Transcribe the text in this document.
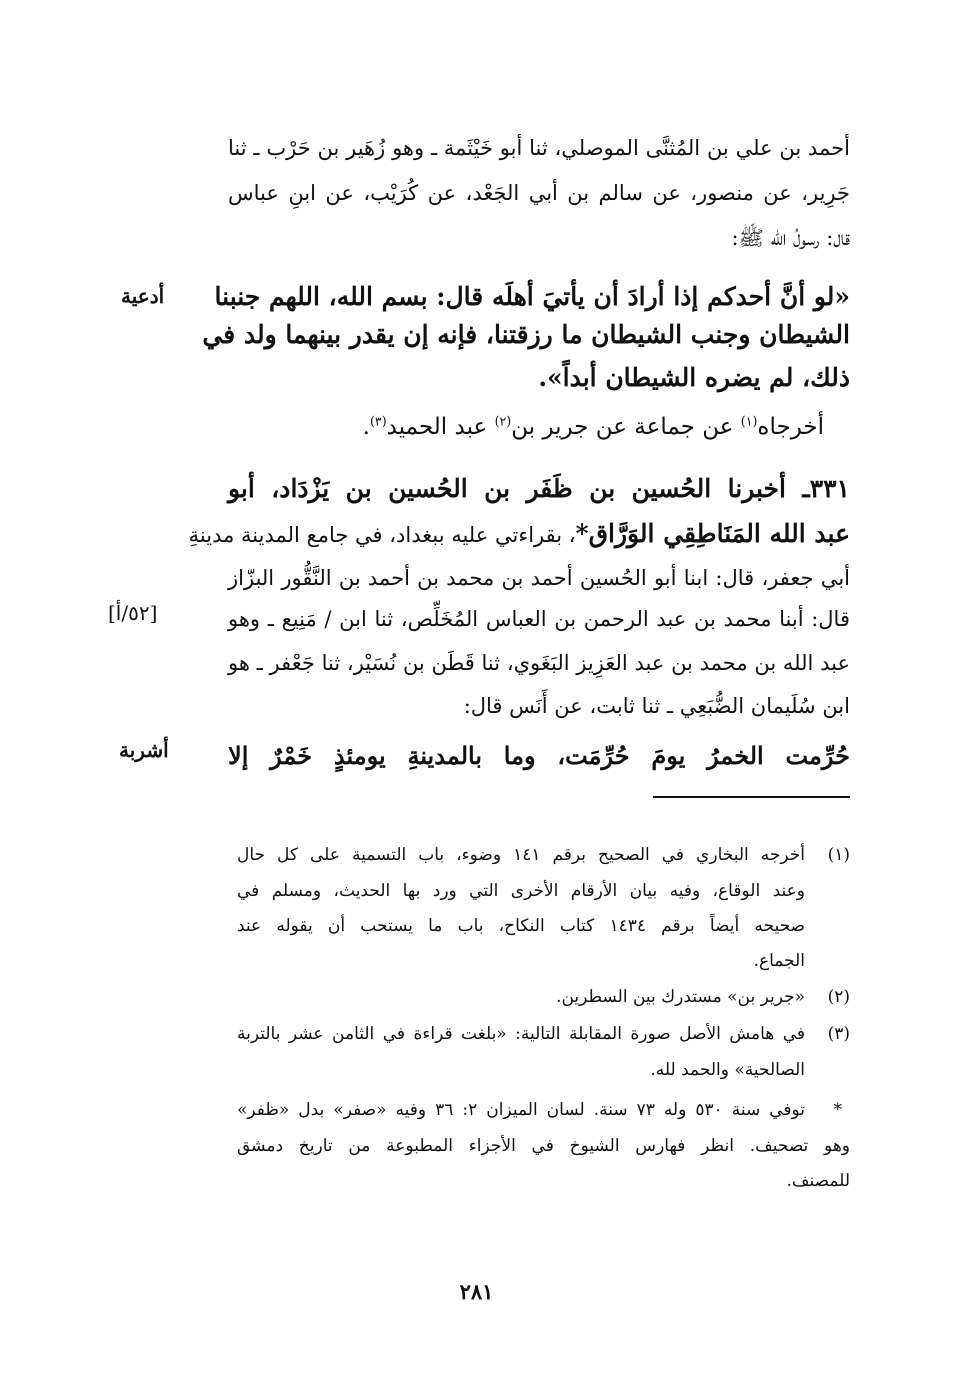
أحمد بن علي بن المُثنَّى الموصلي، ثنا أبو خَيْثَمة ـ وهو زُهَير بن حَرْب ـ ثنا
جَرِير، عن منصور، عن سالم بن أبي الجَعْد، عن كُرَيْب، عن ابنِ عباس
قال: رسولُ الله ﷺ:
أدعية
[٥٢/أ]
أشربة
«لو أنَّ أحدكم إذا أرادَ أن يأتيَ أهلَه قال: بسم الله، اللهم جنبنا
الشيطان وجنب الشيطان ما رزقتنا، فإنه إن يقدر بينهما ولد في
ذلك، لم يضره الشيطان أبداً».
أخرجاه$^{(١)}$ عن جماعة عن جرير بن$^{(٢)}$ عبد الحميد$^{(٣)}$.
٣٣١ـ أخبرنا الحُسين بن ظَفَر بن الحُسين بن يَزْدَاد، أبو
عبد الله المَنَاطِقِي الوَرَّاق*، بقراءتي عليه ببغداد، في جامع المدينة مدينةِ
أبي جعفر، قال: ابنا أبو الحُسين أحمد بن محمد بن أحمد بن النَّقُّور البزّاز
قال: أبنا محمد بن عبد الرحمن بن العباس المُخَلِّص، ثنا ابن / مَنِيع ـ وهو
عبد الله بن محمد بن عبد العَزِيز البَغَوي، ثنا قَطَن بن نُسَيْر، ثنا جَعْفر ـ هو
ابن سُلَيمان الضُّبَعِي ـ ثنا ثابت، عن أَنَس قال:
حُرِّمت الخمرُ يومَ حُرِّمَت، وما بالمدينةِ يومئذٍ خَمْرٌ إلا
(١)
أخرجه البخاري في الصحيح برقم ١٤١ وضوء، باب التسمية على كل حال
وعند الوقاع، وفيه بيان الأرقام الأخرى التي ورد بها الحديث، ومسلم في
صحيحه أيضاً برقم ١٤٣٤ كتاب النكاح، باب ما يستحب أن يقوله عند
الجماع.
(٢)
«جرير بن» مستدرك بين السطرين.
(٣)
في هامش الأصل صورة المقابلة التالية: «بلغت قراءة في الثامن عشر بالتربة
الصالحية» والحمد لله.
*
توفي سنة ٥٣٠ وله ٧٣ سنة. لسان الميزان ٢: ٣٦ وفيه «صفر» بدل «ظفر»
وهو تصحيف. انظر فهارس الشيوخ في الأجزاء المطبوعة من تاريخ دمشق
للمصنف.
٢٨١
